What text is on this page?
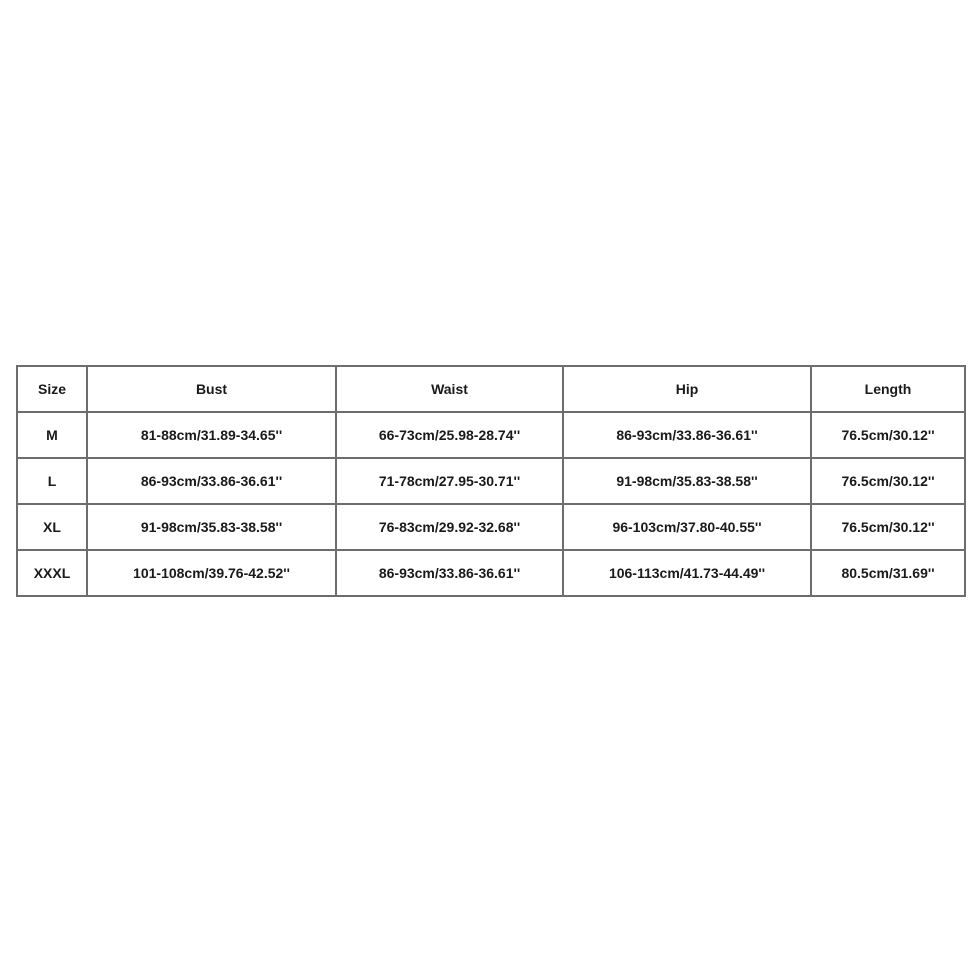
Size	Bust	Waist	Hip	Length
M	81-88cm/31.89-34.65''	66-73cm/25.98-28.74''	86-93cm/33.86-36.61''	76.5cm/30.12''
L	86-93cm/33.86-36.61''	71-78cm/27.95-30.71''	91-98cm/35.83-38.58''	76.5cm/30.12''
XL	91-98cm/35.83-38.58''	76-83cm/29.92-32.68''	96-103cm/37.80-40.55''	76.5cm/30.12''
XXXL	101-108cm/39.76-42.52''	86-93cm/33.86-36.61''	106-113cm/41.73-44.49''	80.5cm/31.69''
